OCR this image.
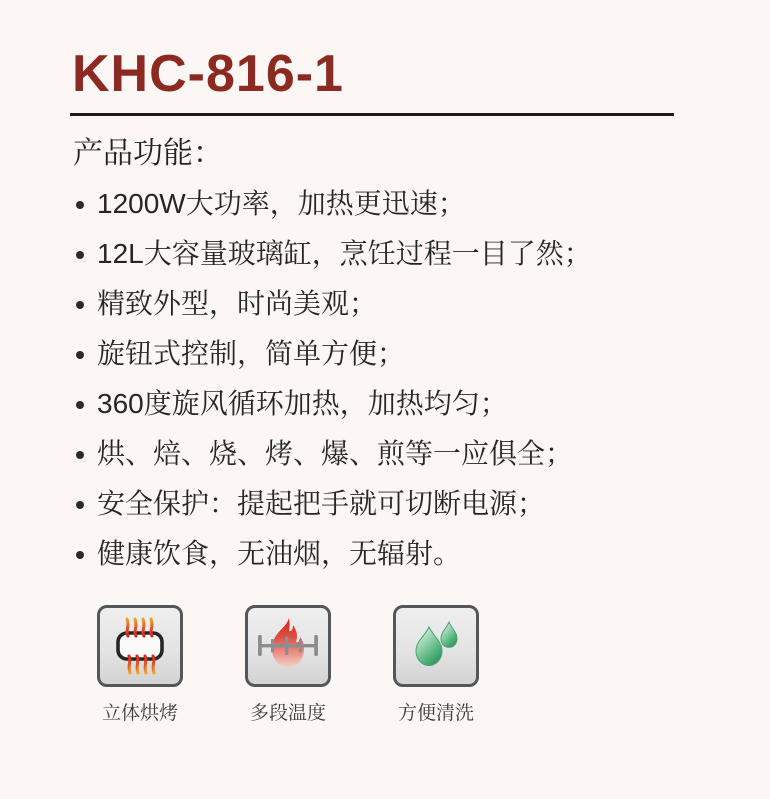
KHC-816-1
产品功能：
1200W大功率，加热更迅速；
12L大容量玻璃缸，烹饪过程一目了然；
精致外型，时尚美观；
旋钮式控制，简单方便；
360度旋风循环加热，加热均匀；
烘、焙、烧、烤、爆、煎等一应俱全；
安全保护：提起把手就可切断电源；
健康饮食，无油烟，无辐射。
立体烘烤	多段温度	方便清洗
